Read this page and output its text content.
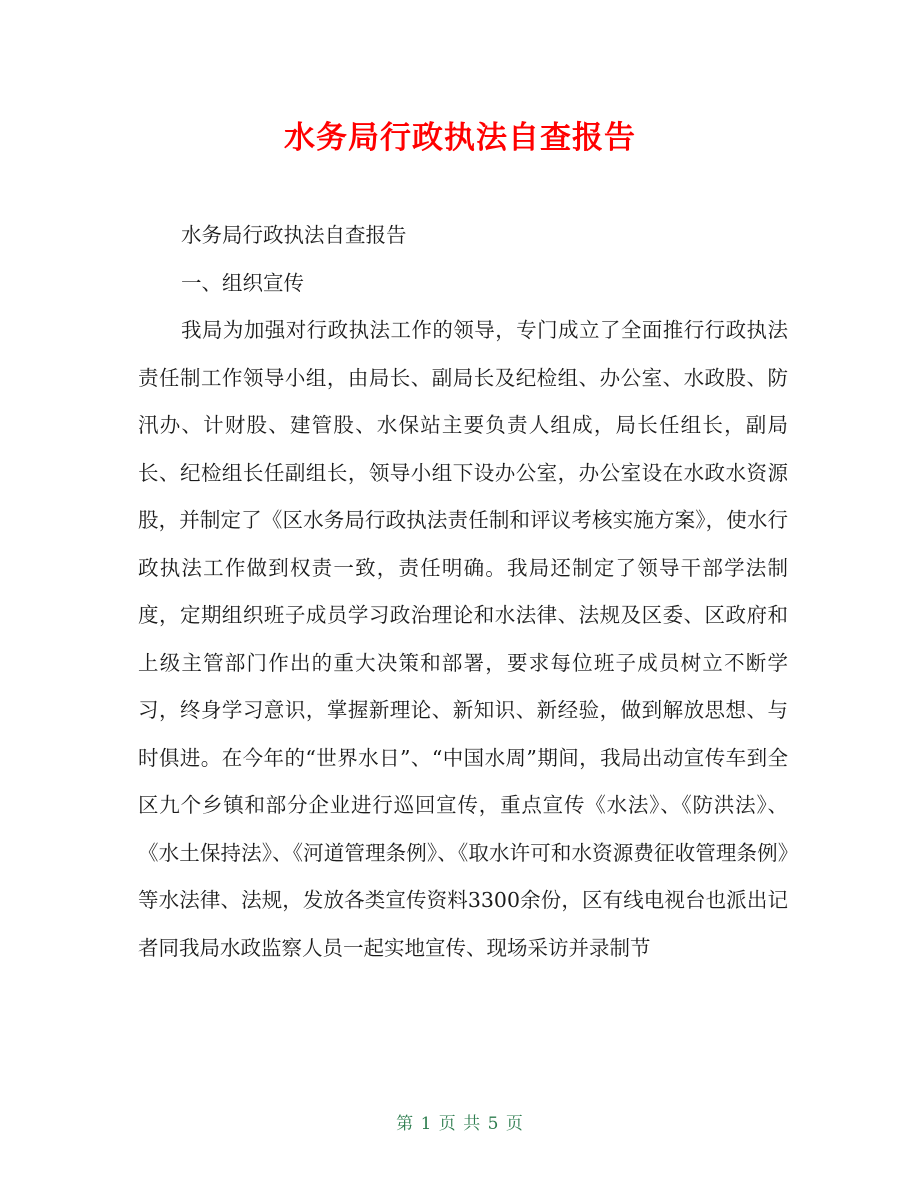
水务局行政执法自查报告

水务局行政执法自查报告

一、组织宣传

我局为加强对行政执法工作的领导，专门成立了全面推行行政执法责任制工作领导小组，由局长、副局长及纪检组、办公室、水政股、防汛办、计财股、建管股、水保站主要负责人组成，局长任组长，副局长、纪检组长任副组长，领导小组下设办公室，办公室设在水政水资源股，并制定了《区水务局行政执法责任制和评议考核实施方案》，使水行政执法工作做到权责一致，责任明确。我局还制定了领导干部学法制度，定期组织班子成员学习政治理论和水法律、法规及区委、区政府和上级主管部门作出的重大决策和部署，要求每位班子成员树立不断学习，终身学习意识，掌握新理论、新知识、新经验，做到解放思想、与时俱进。在今年的“世界水日”、“中国水周”期间，我局出动宣传车到全区九个乡镇和部分企业进行巡回宣传，重点宣传《水法》、《防洪法》、《水土保持法》、《河道管理条例》、《取水许可和水资源费征收管理条例》等水法律、法规，发放各类宣传资料3300余份，区有线电视台也派出记者同我局水政监察人员一起实地宣传、现场采访并录制节

第 1 页 共 5 页
